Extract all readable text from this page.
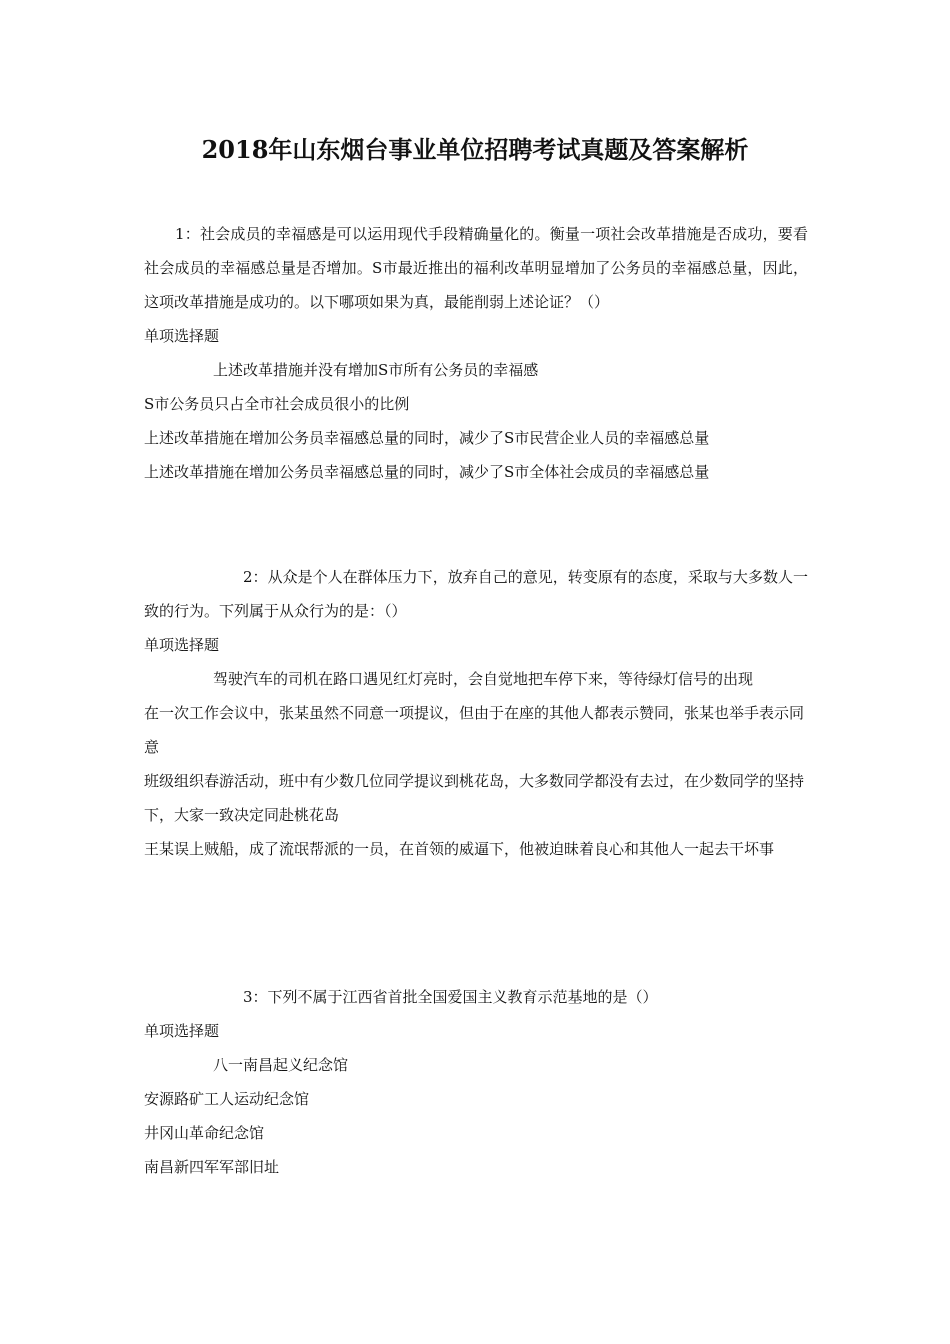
2018年山东烟台事业单位招聘考试真题及答案解析

1：社会成员的幸福感是可以运用现代手段精确量化的。衡量一项社会改革措施是否成功，要看社会成员的幸福感总量是否增加。S市最近推出的福利改革明显增加了公务员的幸福感总量，因此，这项改革措施是成功的。以下哪项如果为真，最能削弱上述论证？（）

单项选择题

上述改革措施并没有增加S市所有公务员的幸福感

S市公务员只占全市社会成员很小的比例

上述改革措施在增加公务员幸福感总量的同时，减少了S市民营企业人员的幸福感总量

上述改革措施在增加公务员幸福感总量的同时，减少了S市全体社会成员的幸福感总量

2：从众是个人在群体压力下，放弃自己的意见，转变原有的态度，采取与大多数人一致的行为。下列属于从众行为的是：（）

单项选择题

驾驶汽车的司机在路口遇见红灯亮时，会自觉地把车停下来，等待绿灯信号的出现

在一次工作会议中，张某虽然不同意一项提议，但由于在座的其他人都表示赞同，张某也举手表示同意

班级组织春游活动，班中有少数几位同学提议到桃花岛，大多数同学都没有去过，在少数同学的坚持下，大家一致决定同赴桃花岛

王某误上贼船，成了流氓帮派的一员，在首领的威逼下，他被迫昧着良心和其他人一起去干坏事

3：下列不属于江西省首批全国爱国主义教育示范基地的是（）

单项选择题

八一南昌起义纪念馆

安源路矿工人运动纪念馆

井冈山革命纪念馆

南昌新四军军部旧址
